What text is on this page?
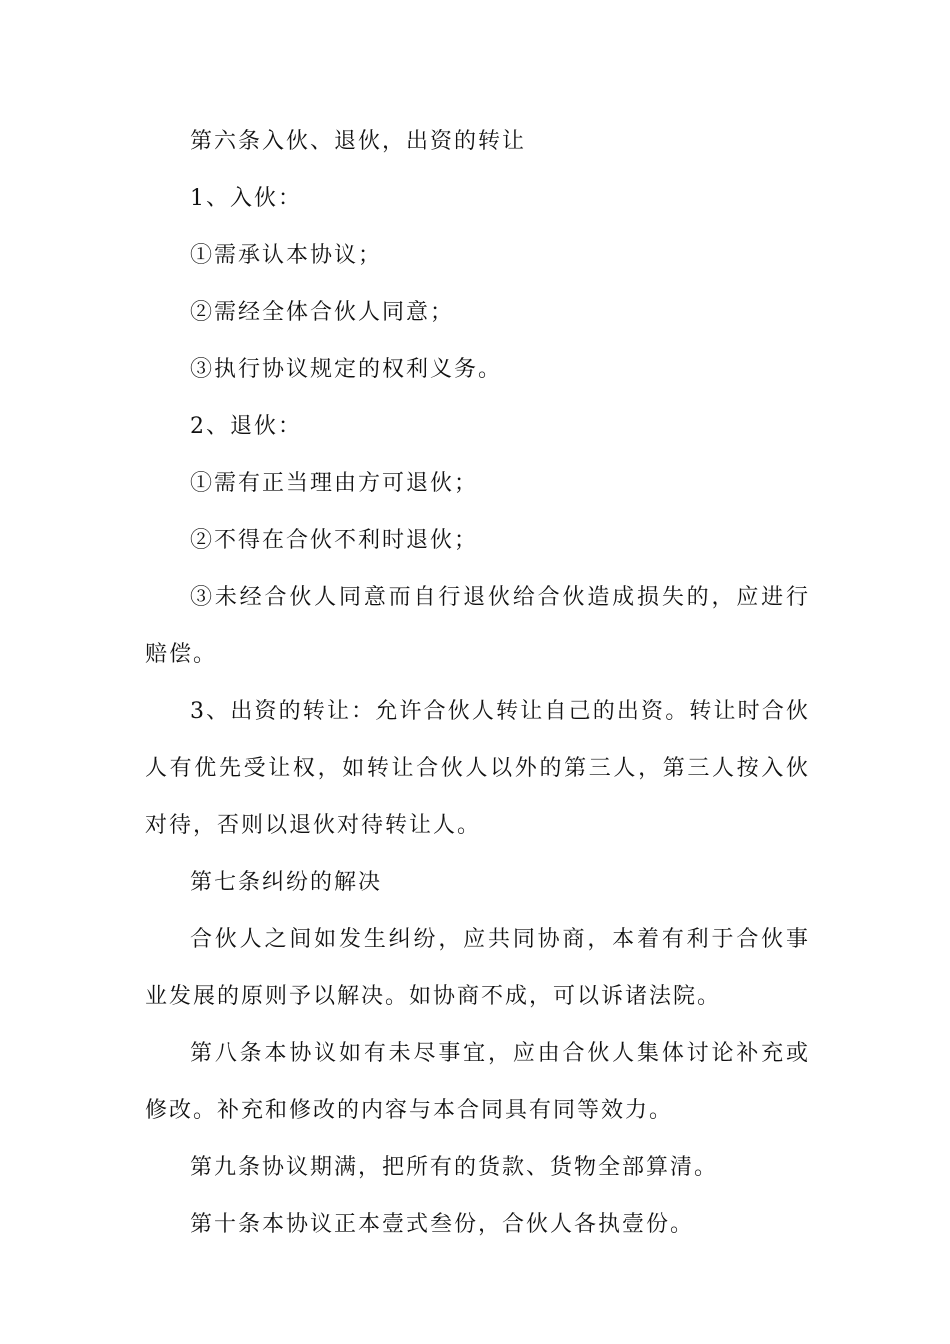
第六条入伙、退伙，出资的转让

1、入伙：

①需承认本协议；

②需经全体合伙人同意；

③执行协议规定的权利义务。

2、退伙：

①需有正当理由方可退伙；

②不得在合伙不利时退伙；

③未经合伙人同意而自行退伙给合伙造成损失的，应进行赔偿。

3、出资的转让：允许合伙人转让自己的出资。转让时合伙人有优先受让权，如转让合伙人以外的第三人，第三人按入伙对待，否则以退伙对待转让人。

第七条纠纷的解决

合伙人之间如发生纠纷，应共同协商，本着有利于合伙事业发展的原则予以解决。如协商不成，可以诉诸法院。

第八条本协议如有未尽事宜，应由合伙人集体讨论补充或修改。补充和修改的内容与本合同具有同等效力。

第九条协议期满，把所有的货款、货物全部算清。

第十条本协议正本壹式叁份，合伙人各执壹份。
